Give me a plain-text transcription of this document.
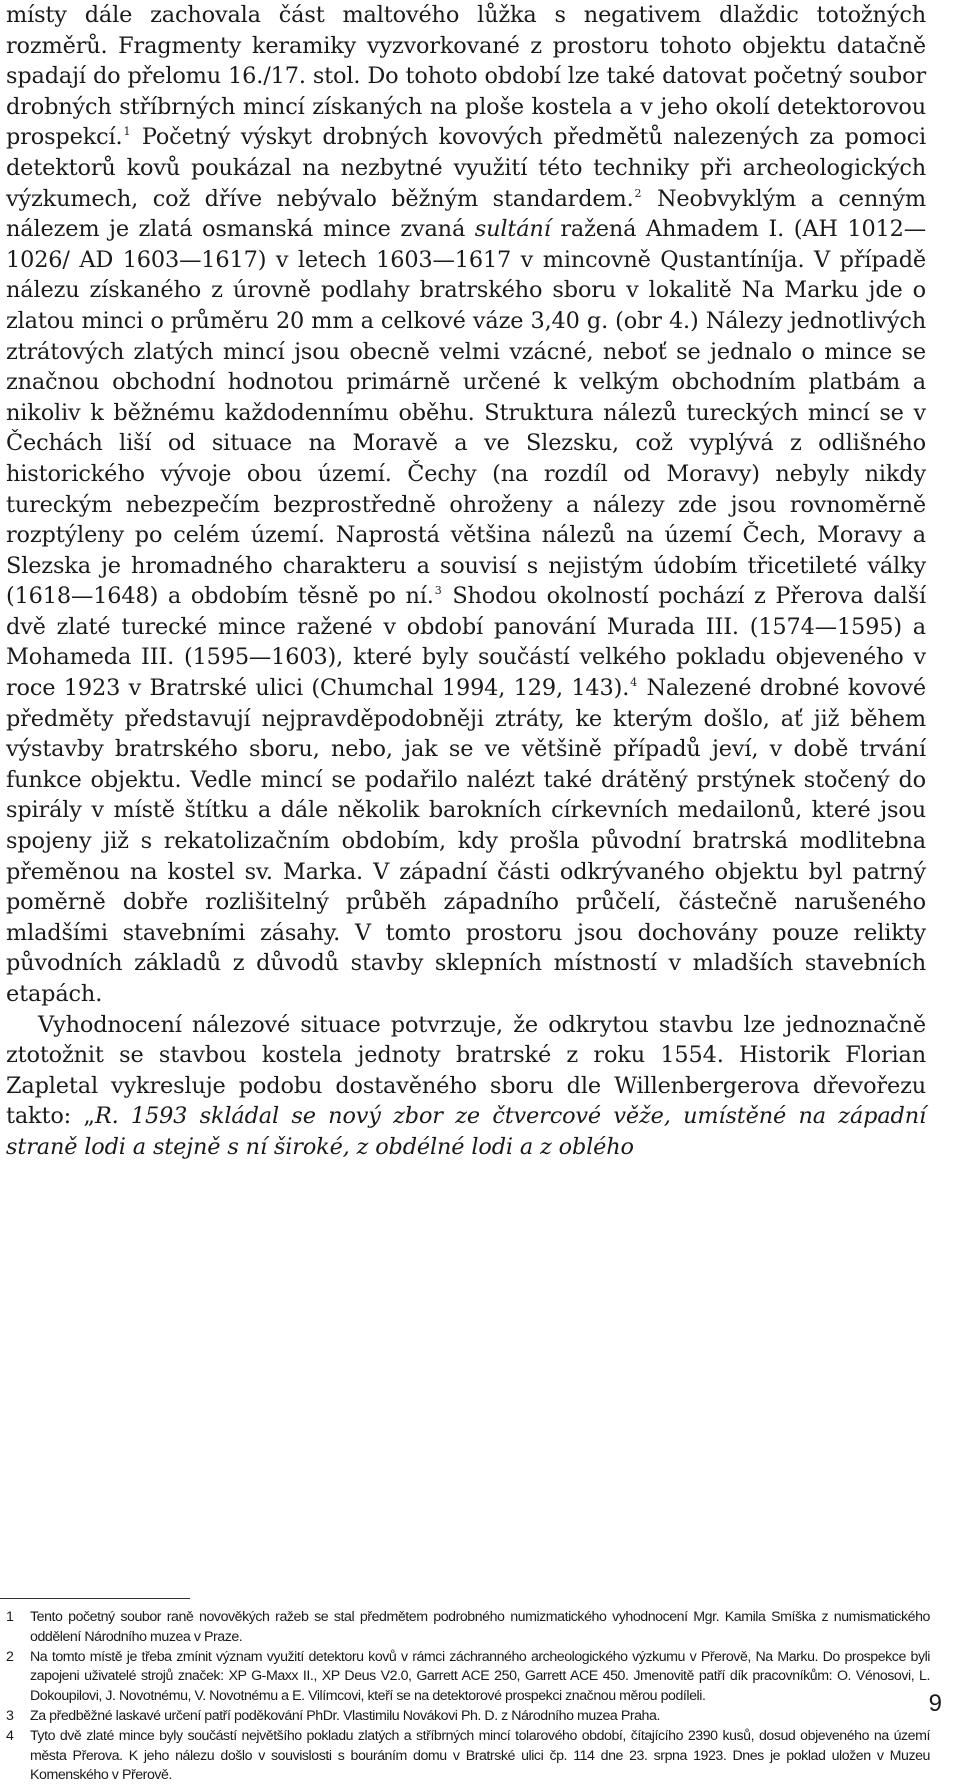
místy dále zachovala část maltového lůžka s negativem dlaždic totožných rozměrů. Fragmenty keramiky vyzvorkované z prostoru tohoto objektu datačně spadají do přelomu 16./17. stol. Do tohoto období lze také datovat početný soubor drobných stříbrných mincí získaných na ploše kostela a v jeho okolí detektorovou prospekcí.$^1$ Početný výskyt drobných kovových předmětů nalezených za pomoci detektorů kovů poukázal na nezbytné využití této techniky při archeologických výzkumech, což dříve nebývalo běžným standardem.$^2$ Neobvyklým a cenným nálezem je zlatá osmanská mince zvaná sultání ražená Ahmadem I. (AH 1012—1026/ AD 1603—1617) v letech 1603—1617 v mincovně Qustantíníja. V případě nálezu získaného z úrovně podlahy bratrského sboru v lokalitě Na Marku jde o zlatou minci o průměru 20 mm a celkové váze 3,40 g. (obr 4.) Nálezy jednotlivých ztrátových zlatých mincí jsou obecně velmi vzácné, neboť se jednalo o mince se značnou obchodní hodnotou primárně určené k velkým obchodním platbám a nikoliv k běžnému každodennímu oběhu. Struktura nálezů tureckých mincí se v Čechách liší od situace na Moravě a ve Slezsku, což vyplývá z odlišného historického vývoje obou území. Čechy (na rozdíl od Moravy) nebyly nikdy tureckým nebezpečím bezprostředně ohroženy a nálezy zde jsou rovnoměrně rozptýleny po celém území. Naprostá většina nálezů na území Čech, Moravy a Slezska je hromadného charakteru a souvisí s nejistým údobím třicetileté války (1618—1648) a obdobím těsně po ní.$^3$ Shodou okolností pochází z Přerova další dvě zlaté turecké mince ražené v období panování Murada III. (1574—1595) a Mohameda III. (1595—1603), které byly součástí velkého pokladu objeveného v roce 1923 v Bratrské ulici (Chumchal 1994, 129, 143).$^4$ Nalezené drobné kovové předměty představují nejpravděpodobněji ztráty, ke kterým došlo, ať již během výstavby bratrského sboru, nebo, jak se ve většině případů jeví, v době trvání funkce objektu. Vedle mincí se podařilo nalézt také drátěný prstýnek stočený do spirály v místě štítku a dále několik barokních církevních medailonů, které jsou spojeny již s rekatolizačním obdobím, kdy prošla původní bratrská modlitebna přeměnou na kostel sv. Marka. V západní části odkrývaného objektu byl patrný poměrně dobře rozlišitelný průběh západního průčelí, částečně narušeného mladšími stavebními zásahy. V tomto prostoru jsou dochovány pouze relikty původních základů z důvodů stavby sklepních místností v mladších stavebních etapách.

Vyhodnocení nálezové situace potvrzuje, že odkrytou stavbu lze jednoznačně ztotožnit se stavbou kostela jednoty bratrské z roku 1554. Historik Florian Zapletal vykresluje podobu dostavěného sboru dle Willenbergerova dřevořezu takto: „R. 1593 skládal se nový zbor ze čtvercové věže, umístěné na západní straně lodi a stejně s ní široké, z obdélné lodi a z oblého

1 Tento početný soubor raně novověkých ražeb se stal předmětem podrobného numizmatického vyhodnocení Mgr. Kamila Smíška z numismatického oddělení Národního muzea v Praze.
2 Na tomto místě je třeba zmínit význam využití detektoru kovů v rámci záchranného archeologického výzkumu v Přerově, Na Marku. Do prospekce byli zapojeni uživatelé strojů značek: XP G-Maxx II., XP Deus V2.0, Garrett ACE 250, Garrett ACE 450. Jmenovitě patří dík pracovníkům: O. Vénosovi, L. Dokoupilovi, J. Novotnému, V. Novotnému a E. Vilímcovi, kteří se na detektorové prospekci značnou měrou podíleli.
3 Za předběžné laskavé určení patří poděkování PhDr. Vlastimilu Novákovi Ph. D. z Národního muzea Praha.
4 Tyto dvě zlaté mince byly součástí největšího pokladu zlatých a stříbrných mincí tolarového období, čítajícího 2390 kusů, dosud objeveného na území města Přerova. K jeho nálezu došlo v souvislosti s bouráním domu v Bratrské ulici čp. 114 dne 23. srpna 1923. Dnes je poklad uložen v Muzeu Komenského v Přerově.
9
